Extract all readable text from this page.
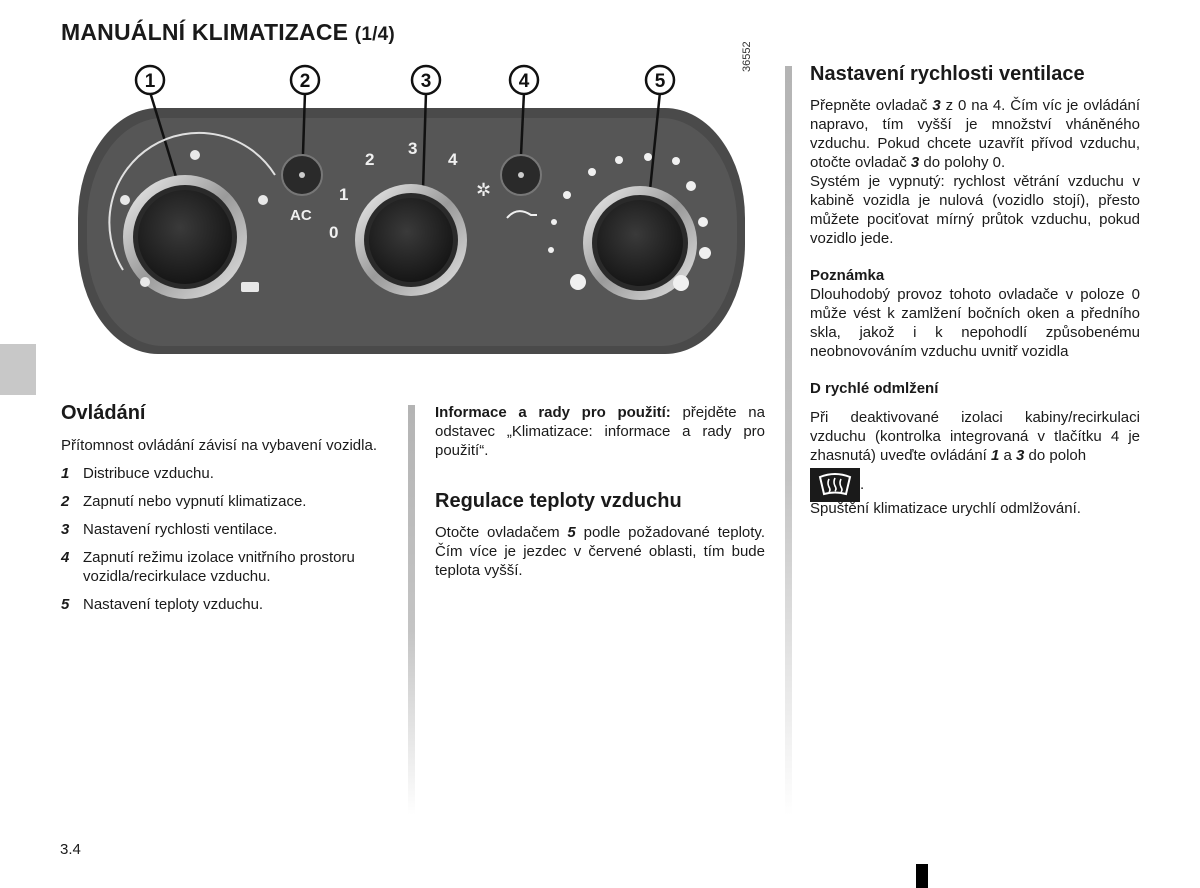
MANUÁLNÍ KLIMATIZACE (1/4)
AC
0
1
2
3
4
✲
1	2	3	4	5
36552
Ovládání
Přítomnost ovládání závisí na vybavení vozidla.
1 Distribuce vzduchu.
2 Zapnutí nebo vypnutí klimatizace.
3 Nastavení rychlosti ventilace.
4 Zapnutí režimu izolace vnitřního prostoru vozidla/recirkulace vzduchu.
5 Nastavení teploty vzduchu.
Informace a rady pro použití: přejděte na odstavec „Klimatizace: informace a rady pro použití“.
Regulace teploty vzduchu
Otočte ovladačem 5 podle požadované teploty. Čím více je jezdec v červené oblasti, tím bude teplota vyšší.
Nastavení rychlosti ventilace
Přepněte ovladač 3 z 0 na 4. Čím víc je ovládání napravo, tím vyšší je množství vháněného vzduchu. Pokud chcete uzavřít přívod vzduchu, otočte ovladač 3 do polohy 0.
Systém je vypnutý: rychlost větrání vzduchu v kabině vozidla je nulová (vozidlo stojí), přesto můžete pociťovat mírný průtok vzduchu, pokud vozidlo jede.
Poznámka
Dlouhodobý provoz tohoto ovladače v poloze 0 může vést k zamlžení bočních oken a předního skla, jakož i k nepohodlí způsobenému neobnovováním vzduchu uvnitř vozidla
D rychlé odmlžení
Při deaktivované izolaci kabiny/recirkulaci vzduchu (kontrolka integrovaná v tlačítku 4 je zhasnutá) uveďte ovládání 1 a 3 do poloh
.
Spuštění klimatizace urychlí odmlžování.
3.4
